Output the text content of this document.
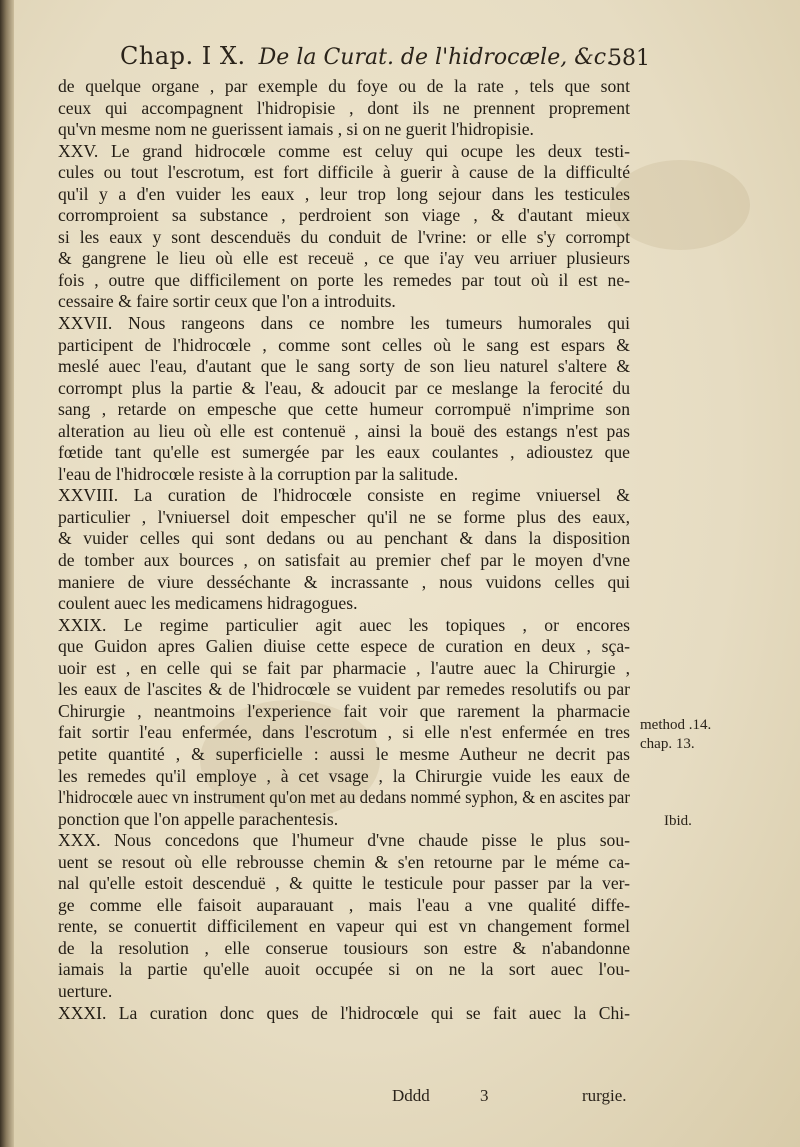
Chap. I X. De la Curat. de l'hidrocæle, &c.
581
de quelque organe , par exemple du foye ou de la rate , tels que sont
ceux qui accompagnent l'hidropisie , dont ils ne prennent proprement
qu'vn mesme nom ne guerissent iamais , si on ne guerit l'hidropisie.
XXV. Le grand hidrocœle comme est celuy qui ocupe les deux testi-
cules ou tout l'escrotum, est fort difficile à guerir à cause de la difficulté
qu'il y a d'en vuider les eaux , leur trop long sejour dans les testicules
corromproient sa substance , perdroient son viage , & d'autant mieux
si les eaux y sont descenduës du conduit de l'vrine: or elle s'y corrompt
& gangrene le lieu où elle est receuë , ce que i'ay veu arriuer plusieurs
fois , outre que difficilement on porte les remedes par tout où il est ne-
cessaire & faire sortir ceux que l'on a introduits.
XXVII. Nous rangeons dans ce nombre les tumeurs humorales qui
participent de l'hidrocœle , comme sont celles où le sang est espars &
meslé auec l'eau, d'autant que le sang sorty de son lieu naturel s'altere &
corrompt plus la partie & l'eau, & adoucit par ce meslange la ferocité du
sang , retarde on empesche que cette humeur corrompuë n'imprime son
alteration au lieu où elle est contenuë , ainsi la bouë des estangs n'est pas
fœtide tant qu'elle est sumergée par les eaux coulantes , adioustez que
l'eau de l'hidrocœle resiste à la corruption par la salitude.
XXVIII. La curation de l'hidrocœle consiste en regime vniuersel &
particulier , l'vniuersel doit empescher qu'il ne se forme plus des eaux,
& vuider celles qui sont dedans ou au penchant & dans la disposition
de tomber aux bources , on satisfait au premier chef par le moyen d'vne
maniere de viure desséchante & incrassante , nous vuidons celles qui
coulent auec les medicamens hidragogues.
XXIX. Le regime particulier agit auec les topiques , or encores
que Guidon apres Galien diuise cette espece de curation en deux , sça-
uoir est , en celle qui se fait par pharmacie , l'autre auec la Chirurgie ,
les eaux de l'ascites & de l'hidrocœle se vuident par remedes resolutifs ou par
Chirurgie , neantmoins l'experience fait voir que rarement la pharmacie
fait sortir l'eau enfermée, dans l'escrotum , si elle n'est enfermée en tres
petite quantité , & superficielle : aussi le mesme Autheur ne decrit pas
les remedes qu'il employe , à cet vsage , la Chirurgie vuide les eaux de
l'hidrocœle auec vn instrument qu'on met au dedans nommé syphon, & en ascites par
ponction que l'on appelle parachentesis.
XXX. Nous concedons que l'humeur d'vne chaude pisse le plus sou-
uent se resout où elle rebrousse chemin & s'en retourne par le méme ca-
nal qu'elle estoit descenduë , & quitte le testicule pour passer par la ver-
ge comme elle faisoit auparauant , mais l'eau a vne qualité diffe-
rente, se conuertit difficilement en vapeur qui est vn changement formel
de la resolution , elle conserue tousiours son estre & n'abandonne
iamais la partie qu'elle auoit occupée si on ne la sort auec l'ou-
uerture.
XXXI. La curation donc ques de l'hidrocœle qui se fait auec la Chi-
method .14.
chap. 13.
Ibid.
Dddd	3	rurgie.
